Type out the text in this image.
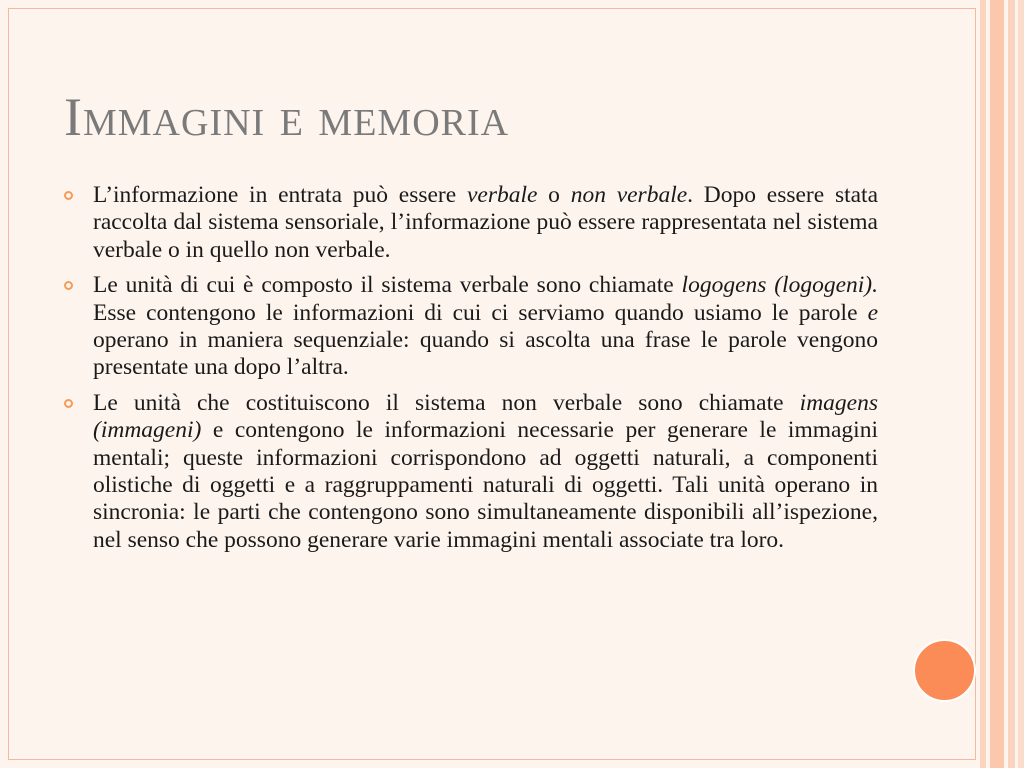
Immagini e memoria
L’informazione in entrata può essere verbale o non verbale. Dopo essere stata raccolta dal sistema sensoriale, l’informazione può essere rappresentata nel sistema verbale o in quello non verbale.
Le unità di cui è composto il sistema verbale sono chiamate logogens (logogeni). Esse contengono le informazioni di cui ci serviamo quando usiamo le parole e operano in maniera sequenziale: quando si ascolta una frase le parole vengono presentate una dopo l’altra.
Le unità che costituiscono il sistema non verbale sono chiamate imagens (immageni) e contengono le informazioni necessarie per generare le immagini mentali; queste informazioni corrispondono ad oggetti naturali, a componenti olistiche di oggetti e a raggruppamenti naturali di oggetti. Tali unità operano in sincronia: le parti che contengono sono simultaneamente disponibili all’ispezione, nel senso che possono generare varie immagini mentali associate tra loro.
